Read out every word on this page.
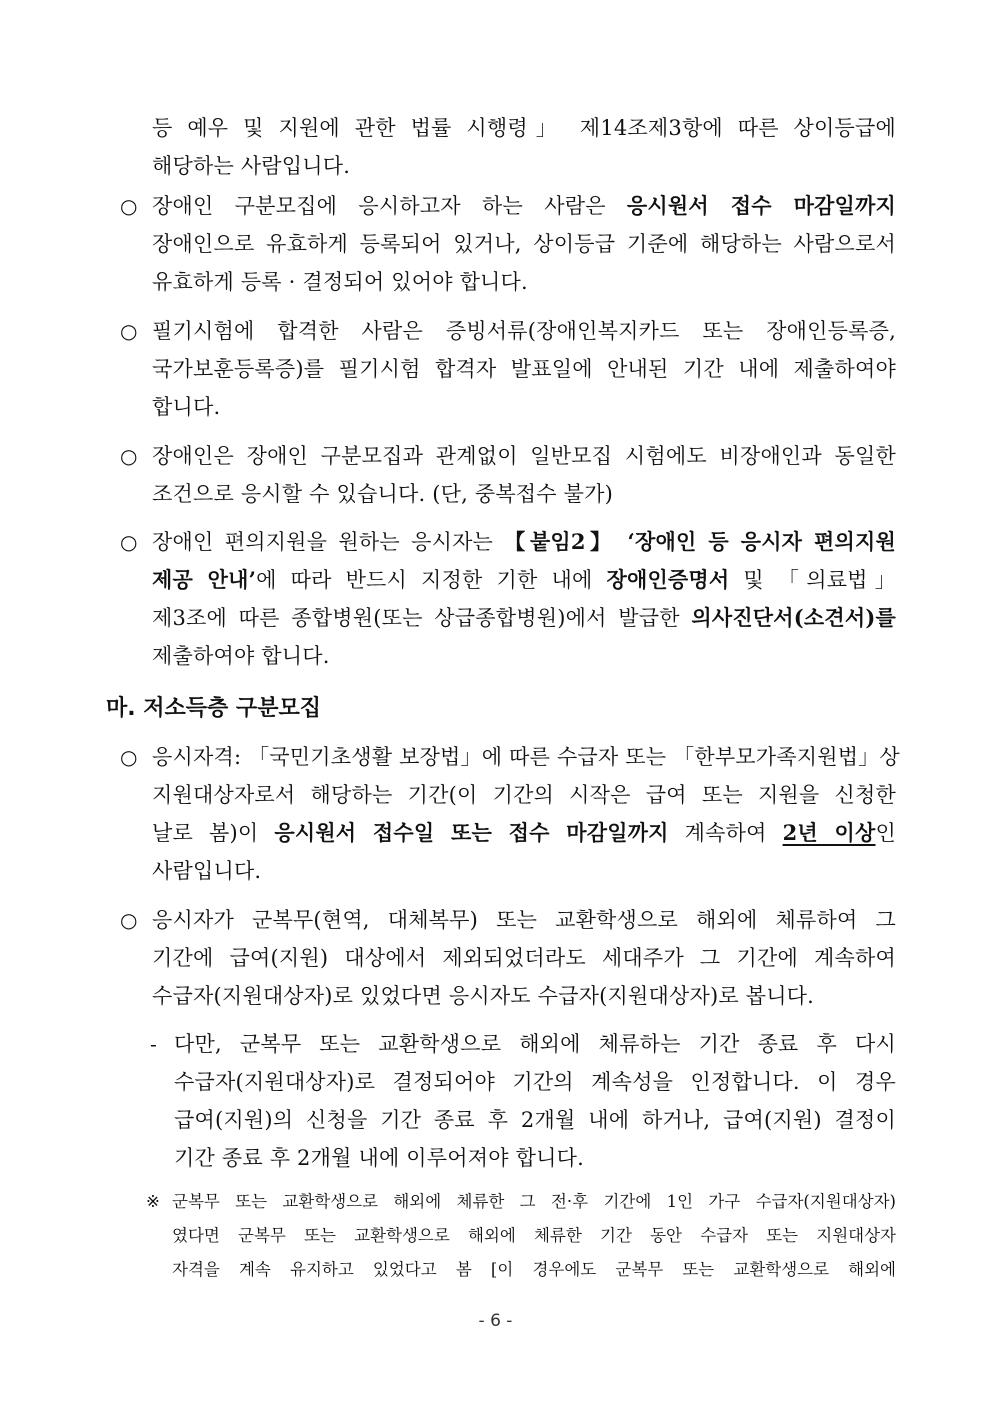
등 예우 및 지원에 관한 법률 시행령」 제14조제3항에 따른 상이등급에
해당하는 사람입니다.
○ 장애인 구분모집에 응시하고자 하는 사람은 응시원서 접수 마감일까지
장애인으로 유효하게 등록되어 있거나, 상이등급 기준에 해당하는 사람으로서
유효하게 등록 · 결정되어 있어야 합니다.
○ 필기시험에 합격한 사람은 증빙서류(장애인복지카드 또는 장애인등록증,
국가보훈등록증)를 필기시험 합격자 발표일에 안내된 기간 내에 제출하여야
합니다.
○ 장애인은 장애인 구분모집과 관계없이 일반모집 시험에도 비장애인과 동일한
조건으로 응시할 수 있습니다. (단, 중복접수 불가)
○ 장애인 편의지원을 원하는 응시자는 【붙임2】 ‘장애인 등 응시자 편의지원
제공 안내’에 따라 반드시 지정한 기한 내에 장애인증명서 및 「의료법」
제3조에 따른 종합병원(또는 상급종합병원)에서 발급한 의사진단서(소견서)를
제출하여야 합니다.
마. 저소득층 구분모집
○ 응시자격: 「국민기초생활 보장법」에 따른 수급자 또는 「한부모가족지원법」상
지원대상자로서 해당하는 기간(이 기간의 시작은 급여 또는 지원을 신청한
날로 봄)이 응시원서 접수일 또는 접수 마감일까지 계속하여 2년 이상인
사람입니다.
○ 응시자가 군복무(현역, 대체복무) 또는 교환학생으로 해외에 체류하여 그
기간에 급여(지원) 대상에서 제외되었더라도 세대주가 그 기간에 계속하여
수급자(지원대상자)로 있었다면 응시자도 수급자(지원대상자)로 봅니다.
- 다만, 군복무 또는 교환학생으로 해외에 체류하는 기간 종료 후 다시
수급자(지원대상자)로 결정되어야 기간의 계속성을 인정합니다. 이 경우
급여(지원)의 신청을 기간 종료 후 2개월 내에 하거나, 급여(지원) 결정이
기간 종료 후 2개월 내에 이루어져야 합니다.
※ 군복무 또는 교환학생으로 해외에 체류한 그 전·후 기간에 1인 가구 수급자(지원대상자)
였다면 군복무 또는 교환학생으로 해외에 체류한 기간 동안 수급자 또는 지원대상자
자격을 계속 유지하고 있었다고 봄 [이 경우에도 군복무 또는 교환학생으로 해외에
- 6 -
